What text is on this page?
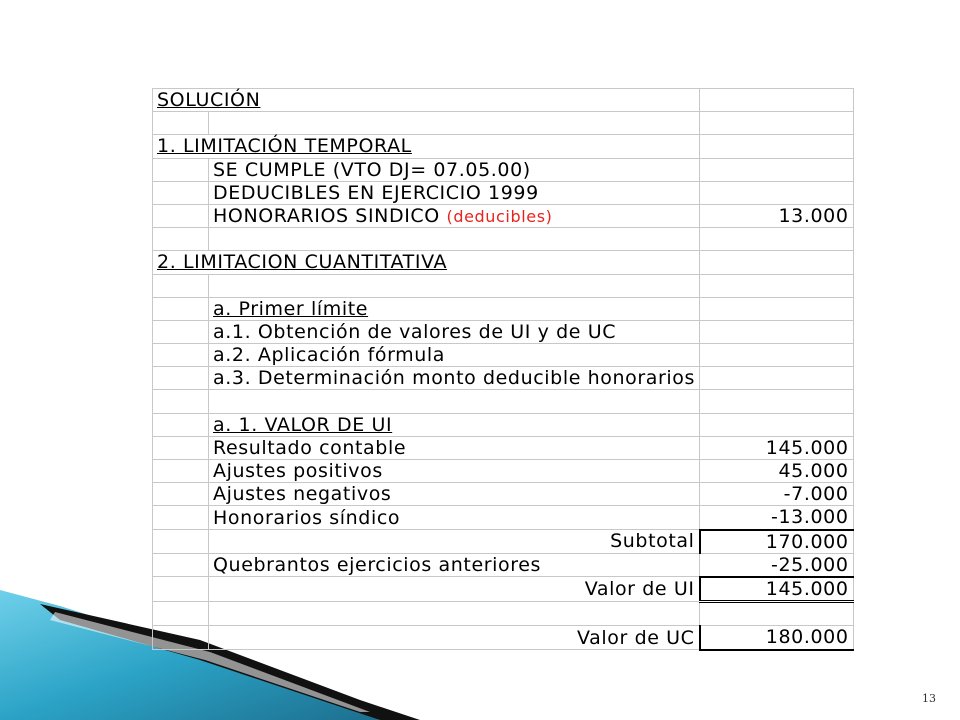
SOLUCIÓN		

1. LIMITACIÓN TEMPORAL		
	SE CUMPLE (VTO DJ= 07.05.00)	
	DEDUCIBLES EN EJERCICIO 1999	
	HONORARIOS SINDICO (deducibles)	13.000

2. LIMITACION CUANTITATIVA		

	a. Primer límite	
	a.1. Obtención de valores de UI y de UC	
	a.2. Aplicación fórmula	
	a.3. Determinación monto deducible honorarios	

	a. 1. VALOR DE UI	
	Resultado contable	145.000
	Ajustes positivos	45.000
	Ajustes negativos	-7.000
	Honorarios síndico	-13.000
	Subtotal	170.000
	Quebrantos ejercicios anteriores	-25.000
	Valor de UI	145.000

	Valor de UC	180.000
13
